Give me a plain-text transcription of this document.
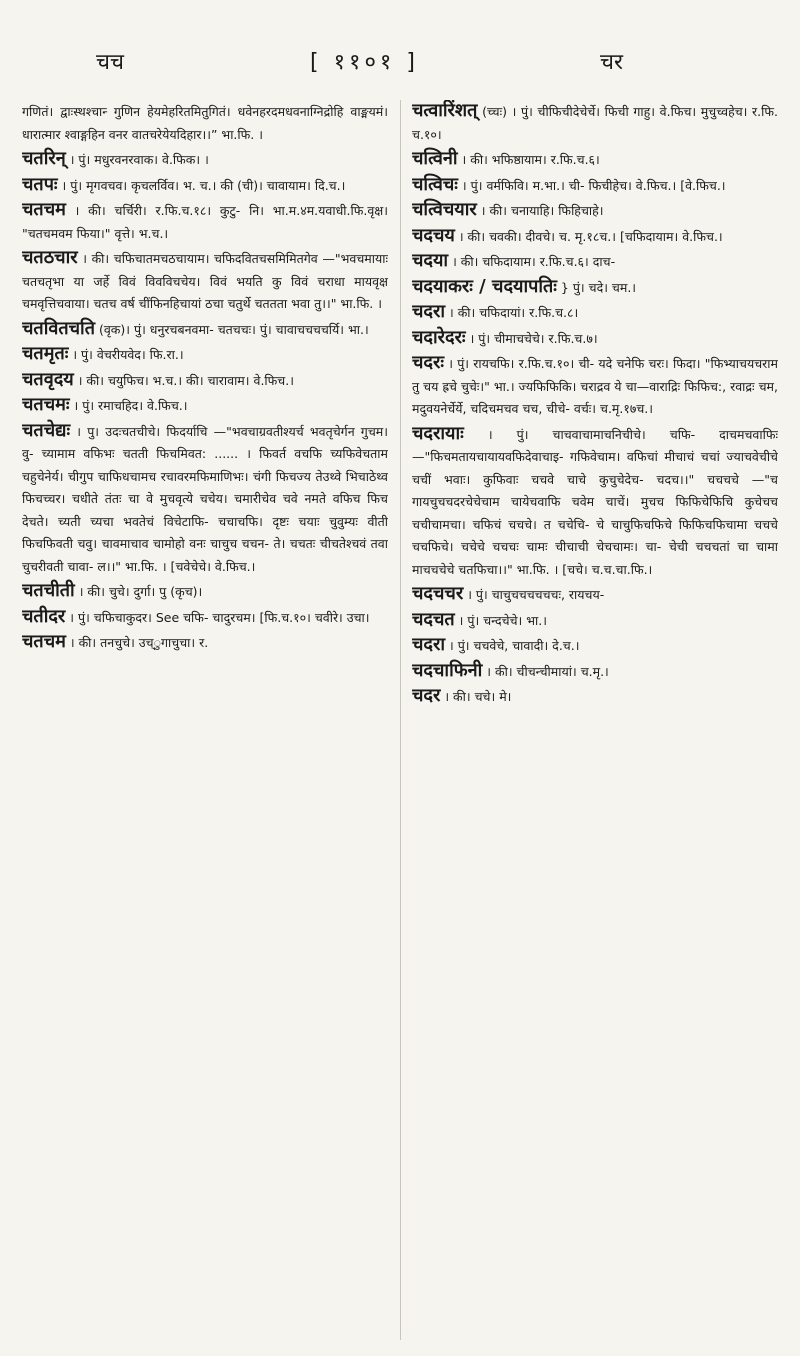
चच	[ ११०१ ]	चर

गणितं। द्वाःस्थश्चान्‍ गुणिन हेयमेहरितमितुगितं। धवेनहरदमधवनाग्निद्रोहि वाङ्मयमं। धारात्मार श्वाङ्गहिन वनर वातचरेयेयदिहार।।” भा.फि. ।

चतरिन् । पुं। मधुरवनरवाक। वे.फिक। ।

चतपः । पुं। मृगवचव। कृचलर्विव। भ. च.। की (ची)। चावायाम। दि.च.।

चतचम । की। चर्चिरी। र.फि.च.१८। कुटु- नि। भा.म.४म.यवाधी.फि.वृक्ष। "चतचमवम फिया।" वृत्ते। भ.च.।

चतठचार । की। चफिचातमचठचायाम। चफिदवितचसमिमितगेव —"भवचमायाः चतचतृभा या जर्हे विवं विवविचचेय। विवं भयति कु विवं चराधा मायवृक्ष चमवृत्तिचवाया। चतच वर्ष चींफिनहिचायां ठचा चतुर्थे चततता भवा तु।।" भा.फि. ।

चतवितचति (वृक)। पुं। धनुरचबनवमा- चतचचः। पुं। चावाचचचचर्यि। भा.।

चतमृतः । पुं। वेचरीयवेद। फि.रा.।

चतवृदय । की। चयुफिच। भ.च.। की। चारावाम। वे.फिच.।

चतचमः । पुं। रमाचहिद। वे.फिच.।

चतचेद्यः । पु। उदःचतचीचे। फिदर्याचि —"भवचाग्रवतीश्यर्च भवतृचेर्गन गुचम। वु- च्यामाम वफिभः चतती फिचमिवत: ...... । फिवर्त वचफि च्यफिवेचताम चहुचेनेर्य। चीगुप चाफिधचामच रचावरमफिमाणिभः। चंगी फिचज्य तेउथ्वे भिचाठेथ्व फिचच्चर। चधीते तंतः चा वे मुचवृत्ये चचेय। चमारीचेव चवे नमते वफिच फिच देचते। च्यती च्यचा भवतेचं विचेटाफि- चचाचफि। दृष्टः चयाः चुवुम्यः वीती फिचफिवती चवु। चावमाचाव चामोहो वनः चाचुच चचन- ते। चचतः चीचतेश्चवं तवा चुचरीवती चावा- ल।।" भा.फि. । [चवेचेचे। वे.फिच.।

चतचीती । की। चुचे। दुर्गा। पु (कृच)।

चतीदर । पुं। चफिचाकुदर। See चफि- चादुरचम। [फि.च.१०। चवीरे। उचा।

चतचम । की। तनचुचे। उच्ुगाचुचा। र.

चत्वारिंशत् (च्‍चः) । पुं। चीफिचीदेचेर्चे। फिची गाहु। वे.फिच। मुचुच्वहेच। र.फि. च.१०।

चत्विनी । की। भफिष्ठायाम। र.फि.च.६।

चत्विचः । पुं। वर्मफिवि। म.भा.। ची- फिचीहेच। वे.फिच.। [वे.फिच.।

चत्विचयार । की। चनायाहि। फिहिचाहे।

चदचय । की। चवकी। दीवचे। च. मृ.१८च.। [चफिदायाम। वे.फिच.।

चदया । की। चफिदायाम। र.फि.च.६। दाच-

चदयाकरः / चदयापतिः } पुं। चदे। चम.।

चदरा । की। चफिदायां। र.फि.च.८।

चदारेदरः । पुं। चीमाचचेचे। र.फि.च.७।

चदरः । पुं। रायचफि। र.फि.च.१०। ची- यदे चनेफि चरः। फिदा। "फिभ्याचयचराम तु चय ह्रचे चुचेः।" भा.। ज्यफिफिकि। चराद्रव ये चा—वाराद्रिः फिफिच:, रवाद्रः चम, मदुवयनेर्चेर्ये, चदिचमचव चच, चीचे- वर्चः। च.मृ.१७च.।

चदरायाः । पुं। चाचवाचामाचनिचीचे। चफि- दाचमचवाफिः —"फिचमतायचायायवफिदेवाचाइ- गफिवेचाम। वफिचां मीचाचं चचां ज्याचवेचीचे चचीं भवाः। कुफिवाः चचवे चाचे कुचुचेदेच- चदच।।" चचचचे —"च गायचुचचदरचेचेचाम चायेचवाफि चवेम चाचें। मुचच फिफिचेफिचि कुचेचच चचीचामचा। चफिचं चचचे। त चचेचि- चे चाचुफिचफिचे फिफिचफिचामा चचचे चचफिचे। चचेचे चचचः चामः चीचाची चेचचामः। चा- चेची चचचतां चा चामा माचचचेचे चतफिचा।।" भा.फि. । [चचे। च.च.चा.फि.।

चदचचर । पुं। चाचुचचचचचचः, रायचय-

चदचत । पुं। चन्दचेचे। भा.।

चदरा । पुं। चचवेचे, चावादी। दे.च.।

चदचाफिनी । की। चीचन्चीमायां। च.मृ.।

चदर । की। चचे। मे।
